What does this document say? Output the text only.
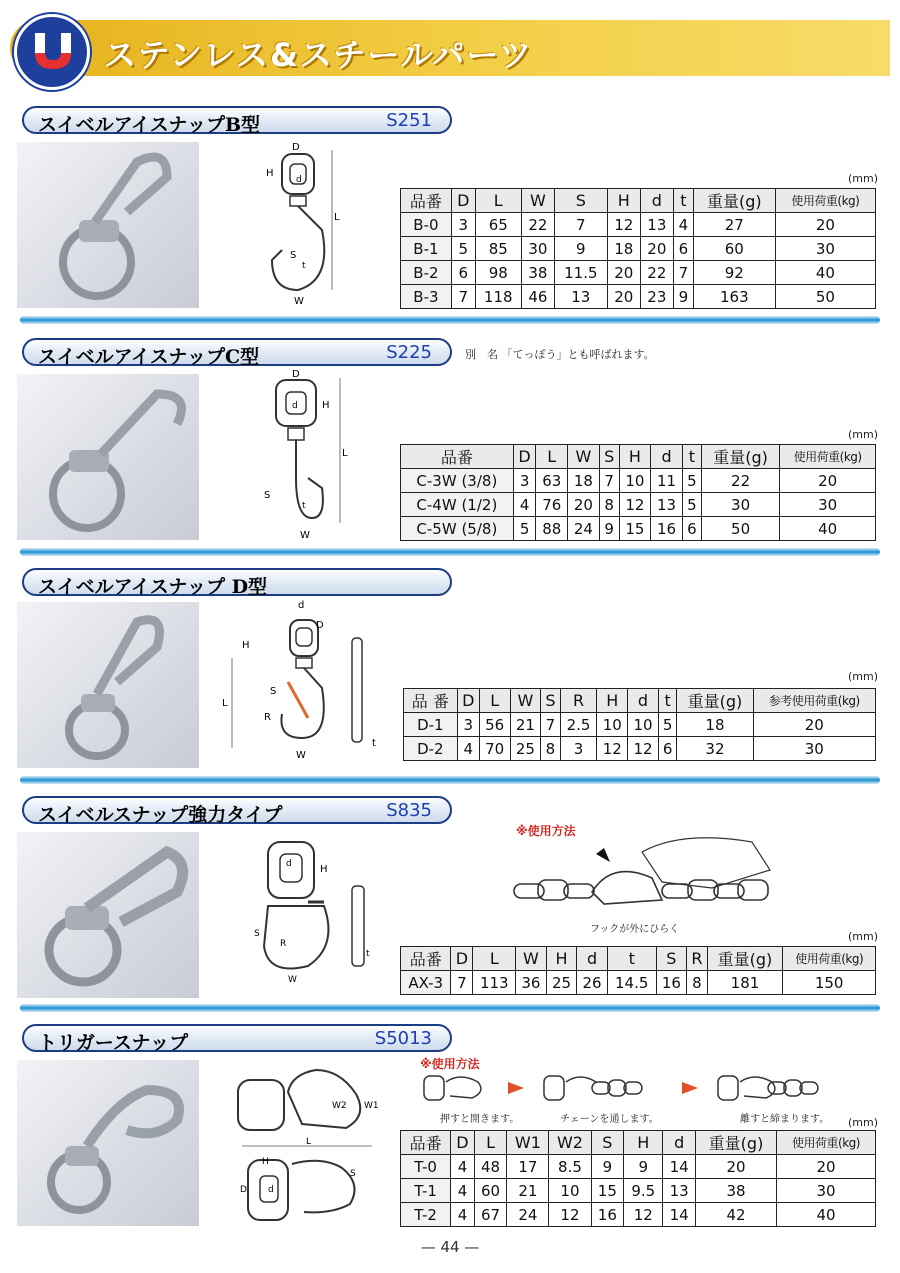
ステンレス&スチールパーツ
スイベルアイスナップB型	S251
L
D
H
d
S
t
W
(mm)
品番	D	L	W	S	H	d	t	重量(g)	使用荷重(kg)
B-0	3	65	22	7	12	13	4	27	20
B-1	5	85	30	9	18	20	6	60	30
B-2	6	98	38	11.5	20	22	7	92	40
B-3	7	118	46	13	20	23	9	163	50
スイベルアイスナップC型	S225	別　名 「てっぽう」とも呼ばれます。
L
D
H
d
S
t
W
(mm)
品番	D	L	W	S	H	d	t	重量(g)	使用荷重(kg)
C-3W (3/8)	3	63	18	7	10	11	5	22	20
C-4W (1/2)	4	76	20	8	12	13	5	30	30
C-5W (5/8)	5	88	24	9	15	16	6	50	40
スイベルアイスナップ D型
L
d
D
H
S
R
W
t
(mm)
品 番	D	L	W	S	R	H	d	t	重量(g)	参考使用荷重(kg)
D-1	3	56	21	7	2.5	10	10	5	18	20
D-2	4	70	25	8	3	12	12	6	32	30
スイベルスナップ強力タイプ	S835
H
d
S
R
W
t
※使用方法
フックが外にひらく
(mm)
品番	D	L	W	H	d	t	S	R	重量(g)	使用荷重(kg)
AX-3	7	113	36	25	26	14.5	16	8	181	150
トリガースナップ	S5013
W2 W1
L
H
D d
S
※使用方法
押すと開きます。	チェーンを通します。	離すと締まります。 (mm)
品番	D	L	W1	W2	S	H	d	重量(g)	使用荷重(kg)
T-0	4	48	17	8.5	9	9	14	20	20
T-1	4	60	21	10	15	9.5	13	38	30
T-2	4	67	24	12	16	12	14	42	40
— 44 —
